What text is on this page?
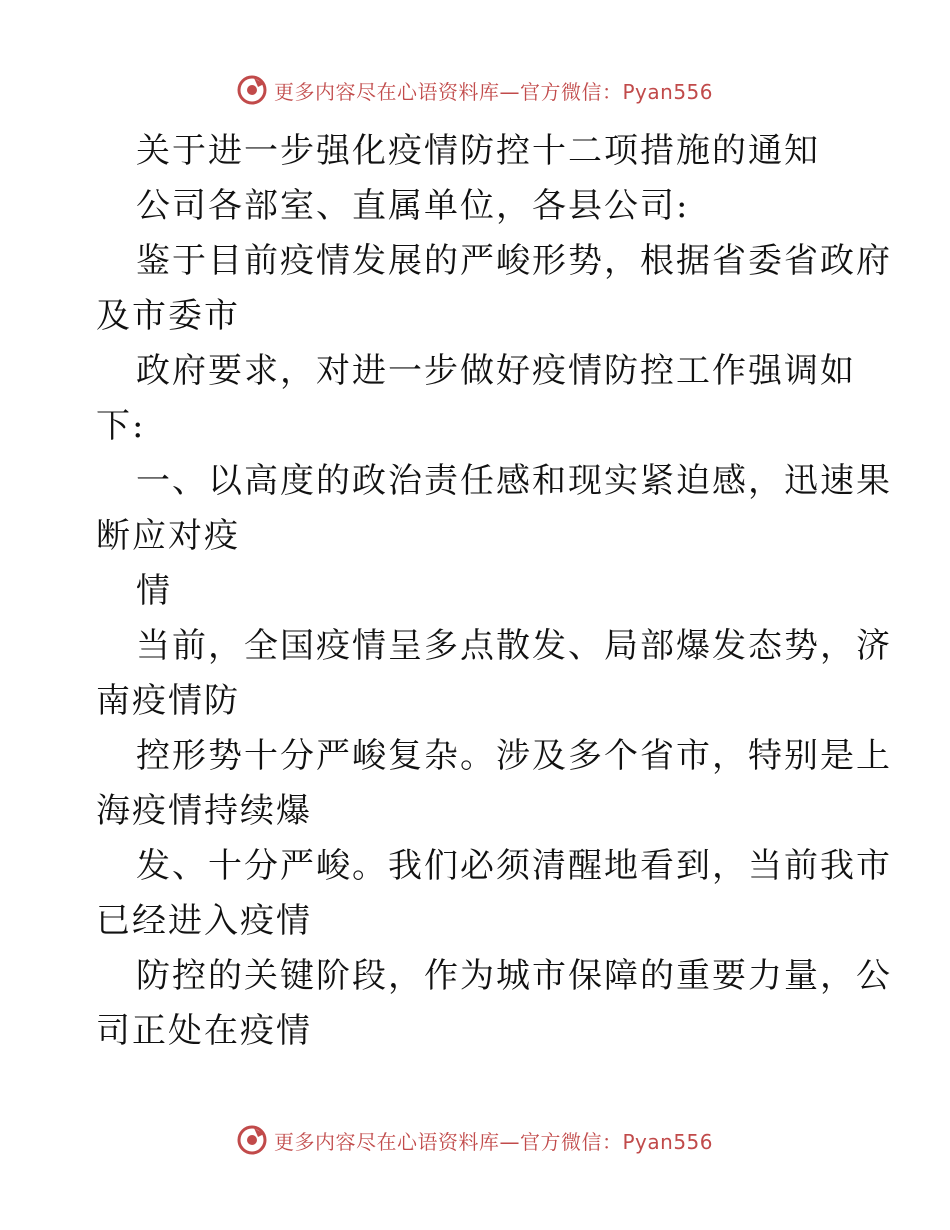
更多内容尽在心语资料库—官方微信：Pyan556
关于进一步强化疫情防控十二项措施的通知
公司各部室、直属单位，各县公司:
鉴于目前疫情发展的严峻形势，根据省委省政府
及市委市
政府要求，对进一步做好疫情防控工作强调如
下:
一、以高度的政治责任感和现实紧迫感，迅速果
断应对疫
情
当前，全国疫情呈多点散发、局部爆发态势，济
南疫情防
控形势十分严峻复杂。涉及多个省市，特别是上
海疫情持续爆
发、十分严峻。我们必须清醒地看到，当前我市
已经进入疫情
防控的关键阶段，作为城市保障的重要力量，公
司正处在疫情
更多内容尽在心语资料库—官方微信：Pyan556
